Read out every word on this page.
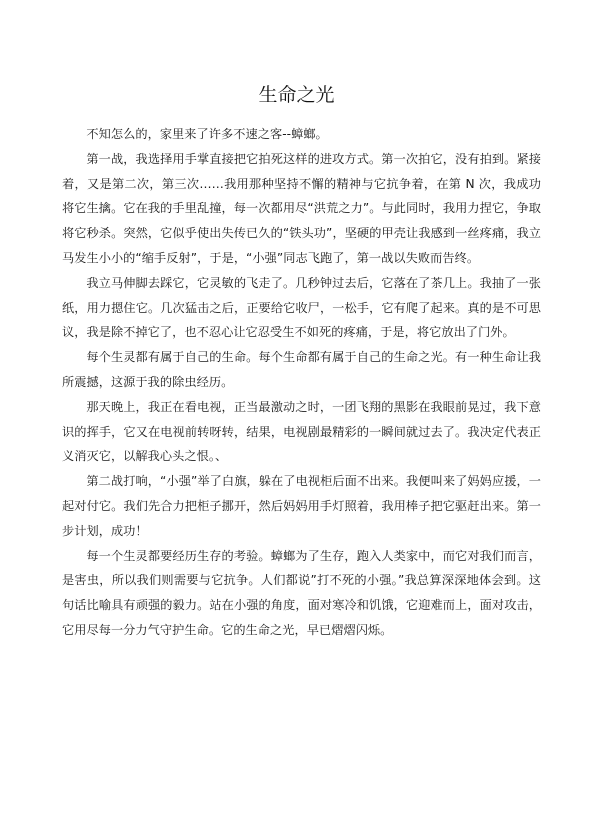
生命之光

不知怎么的，家里来了许多不速之客--蟑螂。

第一战，我选择用手掌直接把它拍死这样的进攻方式。第一次拍它，没有拍到。紧接着，又是第二次，第三次……我用那种坚持不懈的精神与它抗争着，在第 N 次，我成功将它生擒。它在我的手里乱撞，每一次都用尽“洪荒之力”。与此同时，我用力捏它，争取将它秒杀。突然，它似乎使出失传已久的“铁头功”，坚硬的甲壳让我感到一丝疼痛，我立马发生小小的“缩手反射”，于是，“小强”同志飞跑了，第一战以失败而告终。

我立马伸脚去踩它，它灵敏的飞走了。几秒钟过去后，它落在了茶几上。我抽了一张纸，用力摁住它。几次猛击之后，正要给它收尸，一松手，它有爬了起来。真的是不可思议，我是除不掉它了，也不忍心让它忍受生不如死的疼痛，于是，将它放出了门外。

每个生灵都有属于自己的生命。每个生命都有属于自己的生命之光。有一种生命让我所震撼，这源于我的除虫经历。

那天晚上，我正在看电视，正当最激动之时，一团飞翔的黑影在我眼前晃过，我下意识的挥手，它又在电视前转呀转，结果，电视剧最精彩的一瞬间就过去了。我决定代表正义消灭它，以解我心头之恨。、

第二战打响，“小强”举了白旗，躲在了电视柜后面不出来。我便叫来了妈妈应援，一起对付它。我们先合力把柜子挪开，然后妈妈用手灯照着，我用棒子把它驱赶出来。第一步计划，成功！

每一个生灵都要经历生存的考验。蟑螂为了生存，跑入人类家中，而它对我们而言，是害虫，所以我们则需要与它抗争。人们都说”打不死的小强。”我总算深深地体会到。这句话比喻具有顽强的毅力。站在小强的角度，面对寒冷和饥饿，它迎难而上，面对攻击，它用尽每一分力气守护生命。它的生命之光，早已熠熠闪烁。
